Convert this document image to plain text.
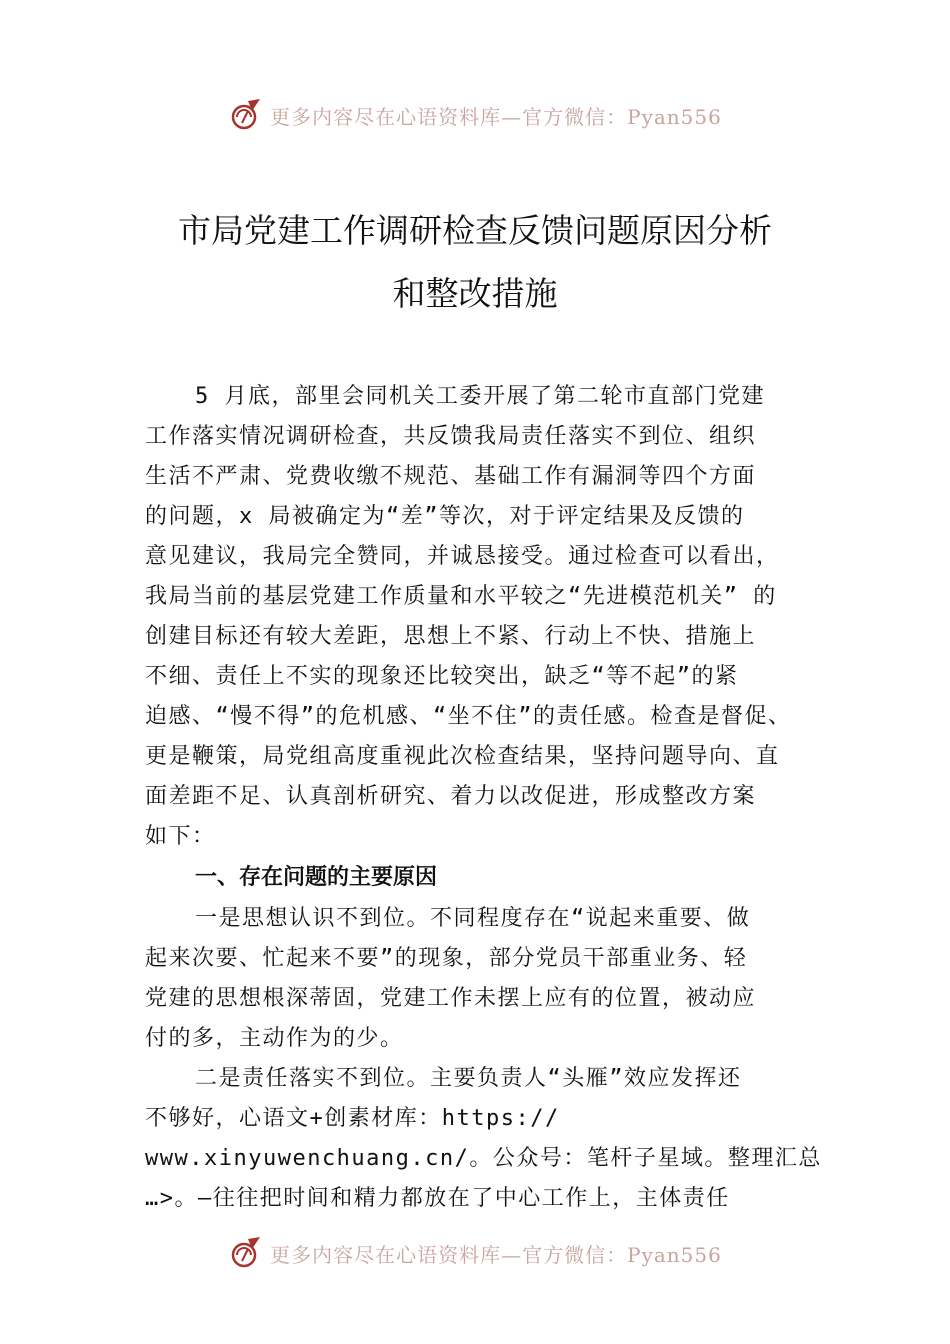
更多内容尽在心语资料库—官方微信：Pyan556
市局党建工作调研检查反馈问题原因分析
和整改措施
5 月底，部里会同机关工委开展了第二轮市直部门党建
工作落实情况调研检查，共反馈我局责任落实不到位、组织
生活不严肃、党费收缴不规范、基础工作有漏洞等四个方面
的问题，x 局被确定为“差”等次，对于评定结果及反馈的
意见建议，我局完全赞同，并诚恳接受。通过检查可以看出，
我局当前的基层党建工作质量和水平较之“先进模范机关” 的
创建目标还有较大差距，思想上不紧、行动上不快、措施上
不细、责任上不实的现象还比较突出，缺乏“等不起”的紧
迫感、“慢不得”的危机感、“坐不住”的责任感。检查是督促、
更是鞭策，局党组高度重视此次检查结果，坚持问题导向、直
面差距不足、认真剖析研究、着力以改促进，形成整改方案
如下：
一、存在问题的主要原因
一是思想认识不到位。不同程度存在“说起来重要、做
起来次要、忙起来不要”的现象，部分党员干部重业务、轻
党建的思想根深蒂固，党建工作未摆上应有的位置，被动应
付的多，主动作为的少。
二是责任落实不到位。主要负责人“头雁”效应发挥还
不够好，心语文+创素材库：https://
www.xinyuwenchuang.cn/。公众号：笔杆子星域。整理汇总
…>。—往往把时间和精力都放在了中心工作上，主体责任
更多内容尽在心语资料库—官方微信：Pyan556
